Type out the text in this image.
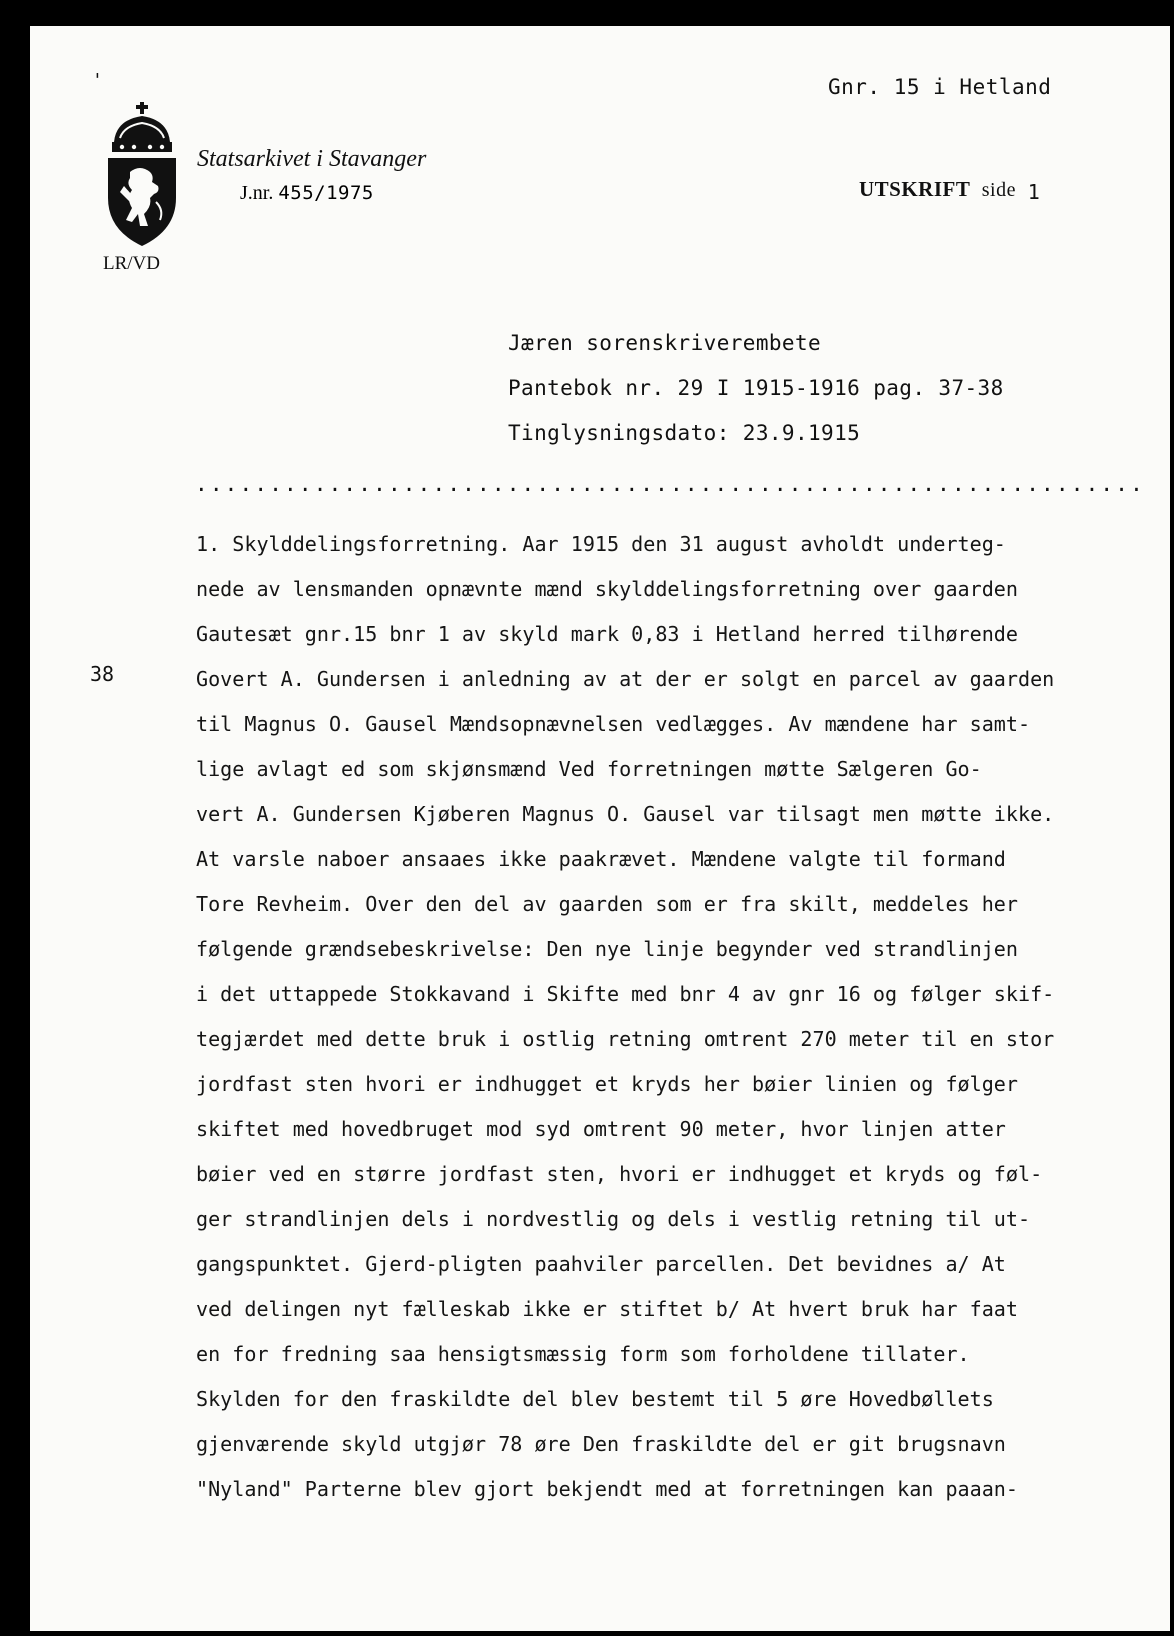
'	Gnr. 15 i Hetland
Statsarkivet i Stavanger
J.nr. 455/1975	UTSKRIFT side 1
LR/VD
Jæren sorenskriverembete
Pantebok nr. 29 I 1915-1916 pag. 37-38
Tinglysningsdato: 23.9.1915
................................................................
38
1. Skylddelingsforretning. Aar 1915 den 31 august avholdt underteg-
nede av lensmanden opnævnte mænd skylddelingsforretning over gaarden
Gautesæt gnr.15 bnr 1 av skyld mark 0,83 i Hetland herred tilhørende
Govert A. Gundersen i anledning av at der er solgt en parcel av gaarden
til Magnus O. Gausel Mændsopnævnelsen vedlægges. Av mændene har samt-
lige avlagt ed som skjønsmænd Ved forretningen møtte Sælgeren Go-
vert A. Gundersen Kjøberen Magnus O. Gausel var tilsagt men møtte ikke.
At varsle naboer ansaaes ikke paakrævet. Mændene valgte til formand
Tore Revheim. Over den del av gaarden som er fra skilt, meddeles her
følgende grændsebeskrivelse: Den nye linje begynder ved strandlinjen
i det uttappede Stokkavand i Skifte med bnr 4 av gnr 16 og følger skif-
tegjærdet med dette bruk i ostlig retning omtrent 270 meter til en stor
jordfast sten hvori er indhugget et kryds her bøier linien og følger
skiftet med hovedbruget mod syd omtrent 90 meter, hvor linjen atter
bøier ved en større jordfast sten, hvori er indhugget et kryds og føl-
ger strandlinjen dels i nordvestlig og dels i vestlig retning til ut-
gangspunktet. Gjerd-pligten paahviler parcellen. Det bevidnes a/ At
ved delingen nyt fælleskab ikke er stiftet b/ At hvert bruk har faat
en for fredning saa hensigtsmæssig form som forholdene tillater.
Skylden for den fraskildte del blev bestemt til 5 øre Hovedbøllets
gjenværende skyld utgjør 78 øre Den fraskildte del er git brugsnavn
"Nyland" Parterne blev gjort bekjendt med at forretningen kan paaan-
